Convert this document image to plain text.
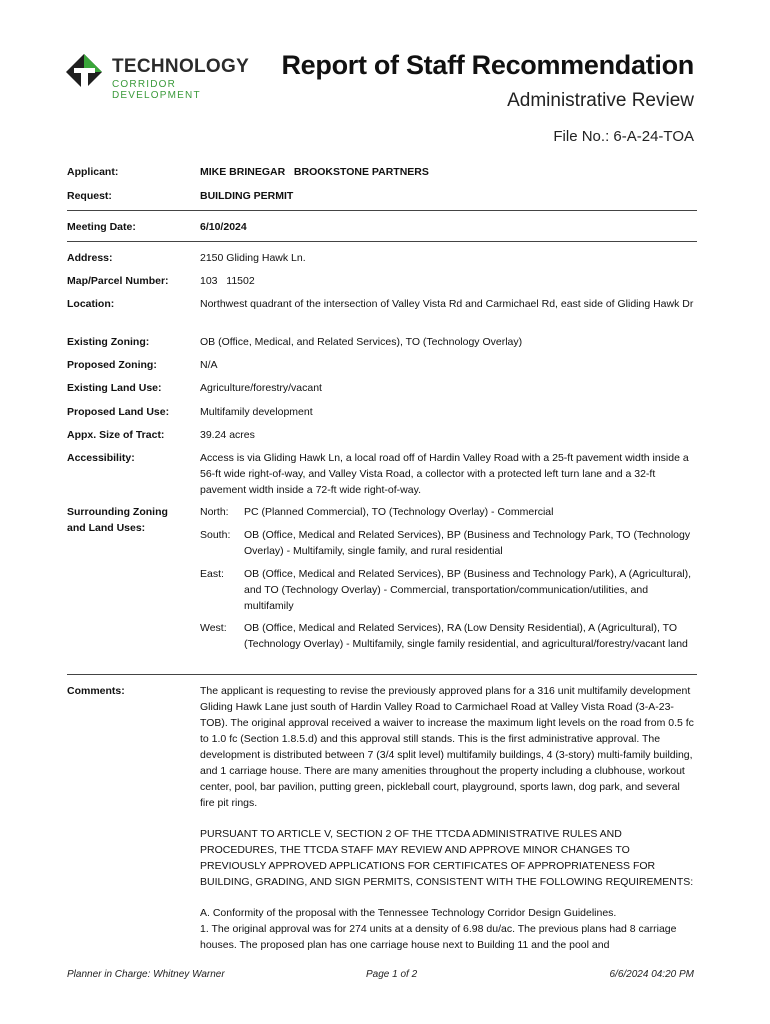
TECHNOLOGY
CORRIDOR DEVELOPMENT
Report of Staff Recommendation
Administrative Review
File No.: 6-A-24-TOA
Applicant:	MIKE BRINEGAR   BROOKSTONE PARTNERS
Request:	BUILDING PERMIT
Meeting Date:	6/10/2024
Address:	2150 Gliding Hawk Ln.
Map/Parcel Number:	103   11502
Location:	Northwest quadrant of the intersection of Valley Vista Rd and Carmichael Rd, east side of Gliding Hawk Dr
Existing Zoning:	OB (Office, Medical, and Related Services), TO (Technology Overlay)
Proposed Zoning:	N/A
Existing Land Use:	Agriculture/forestry/vacant
Proposed Land Use:	Multifamily development
Appx. Size of Tract:	39.24 acres
Accessibility:	Access is via Gliding Hawk Ln, a local road off of Hardin Valley Road with a 25-ft pavement width inside a 56-ft wide right-of-way, and Valley Vista Road, a collector with a protected left turn lane and a 32-ft pavement width inside a 72-ft wide right-of-way.
Surrounding Zoning and Land Uses:
North:	PC (Planned Commercial), TO (Technology Overlay) - Commercial
South:	OB (Office, Medical and Related Services), BP (Business and Technology Park, TO (Technology Overlay) - Multifamily, single family, and rural residential
East:	OB (Office, Medical and Related Services), BP (Business and Technology Park), A (Agricultural), and TO (Technology Overlay) - Commercial, transportation/communication/utilities, and multifamily
West:	OB (Office, Medical and Related Services), RA (Low Density Residential), A (Agricultural), TO (Technology Overlay) - Multifamily, single family residential, and agricultural/forestry/vacant land
Comments:	The applicant is requesting to revise the previously approved plans for a 316 unit multifamily development Gliding Hawk Lane just south of Hardin Valley Road to Carmichael Road at Valley Vista Road (3-A-23-TOB). The original approval received a waiver to increase the maximum light levels on the road from 0.5 fc to 1.0 fc (Section 1.8.5.d) and this approval still stands. This is the first administrative approval. The development is distributed between 7 (3/4 split level) multifamily buildings, 4 (3-story) multi-family building, and 1 carriage house. There are many amenities throughout the property including a clubhouse, workout center, pool, bar pavilion, putting green, pickleball court, playground, sports lawn, dog park, and several fire pit rings.

PURSUANT TO ARTICLE V, SECTION 2 OF THE TTCDA ADMINISTRATIVE RULES AND PROCEDURES, THE TTCDA STAFF MAY REVIEW AND APPROVE MINOR CHANGES TO PREVIOUSLY APPROVED APPLICATIONS FOR CERTIFICATES OF APPROPRIATENESS FOR BUILDING, GRADING, AND SIGN PERMITS, CONSISTENT WITH THE FOLLOWING REQUIREMENTS:

A. Conformity of the proposal with the Tennessee Technology Corridor Design Guidelines.

1. The original approval was for 274 units at a density of 6.98 du/ac. The previous plans had 8 carriage houses. The proposed plan has one carriage house next to Building 11 and the pool and

Planner in Charge: Whitney Warner	Page 1 of 2	6/6/2024 04:20 PM
